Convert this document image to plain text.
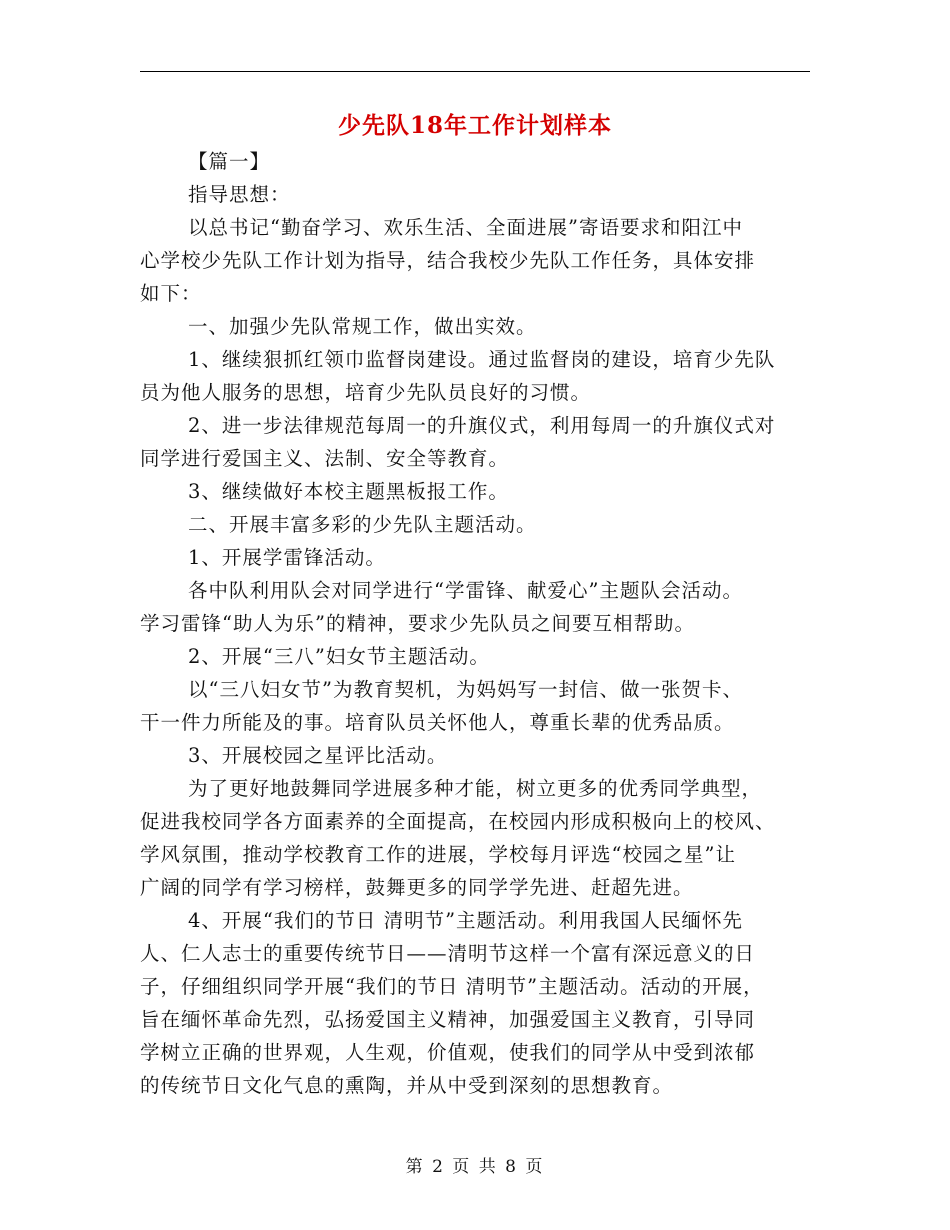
少先队18年工作计划样本

【篇一】

指导思想：

以总书记“勤奋学习、欢乐生活、全面进展”寄语要求和阳江中
心学校少先队工作计划为指导，结合我校少先队工作任务，具体安排
如下：

一、加强少先队常规工作，做出实效。

1、继续狠抓红领巾监督岗建设。通过监督岗的建设，培育少先队
员为他人服务的思想，培育少先队员良好的习惯。

2、进一步法律规范每周一的升旗仪式，利用每周一的升旗仪式对
同学进行爱国主义、法制、安全等教育。

3、继续做好本校主题黑板报工作。

二、开展丰富多彩的少先队主题活动。

1、开展学雷锋活动。

各中队利用队会对同学进行“学雷锋、献爱心”主题队会活动。
学习雷锋“助人为乐”的精神，要求少先队员之间要互相帮助。

2、开展“三八”妇女节主题活动。

以“三八妇女节”为教育契机，为妈妈写一封信、做一张贺卡、
干一件力所能及的事。培育队员关怀他人，尊重长辈的优秀品质。

3、开展校园之星评比活动。

为了更好地鼓舞同学进展多种才能，树立更多的优秀同学典型，
促进我校同学各方面素养的全面提高，在校园内形成积极向上的校风、
学风氛围，推动学校教育工作的进展，学校每月评选“校园之星”让
广阔的同学有学习榜样，鼓舞更多的同学学先进、赶超先进。

4、开展“我们的节日 清明节”主题活动。利用我国人民缅怀先
人、仁人志士的重要传统节日——清明节这样一个富有深远意义的日
子，仔细组织同学开展“我们的节日 清明节”主题活动。活动的开展，
旨在缅怀革命先烈，弘扬爱国主义精神，加强爱国主义教育，引导同
学树立正确的世界观，人生观，价值观，使我们的同学从中受到浓郁
的传统节日文化气息的熏陶，并从中受到深刻的思想教育。

第 2 页 共 8 页
